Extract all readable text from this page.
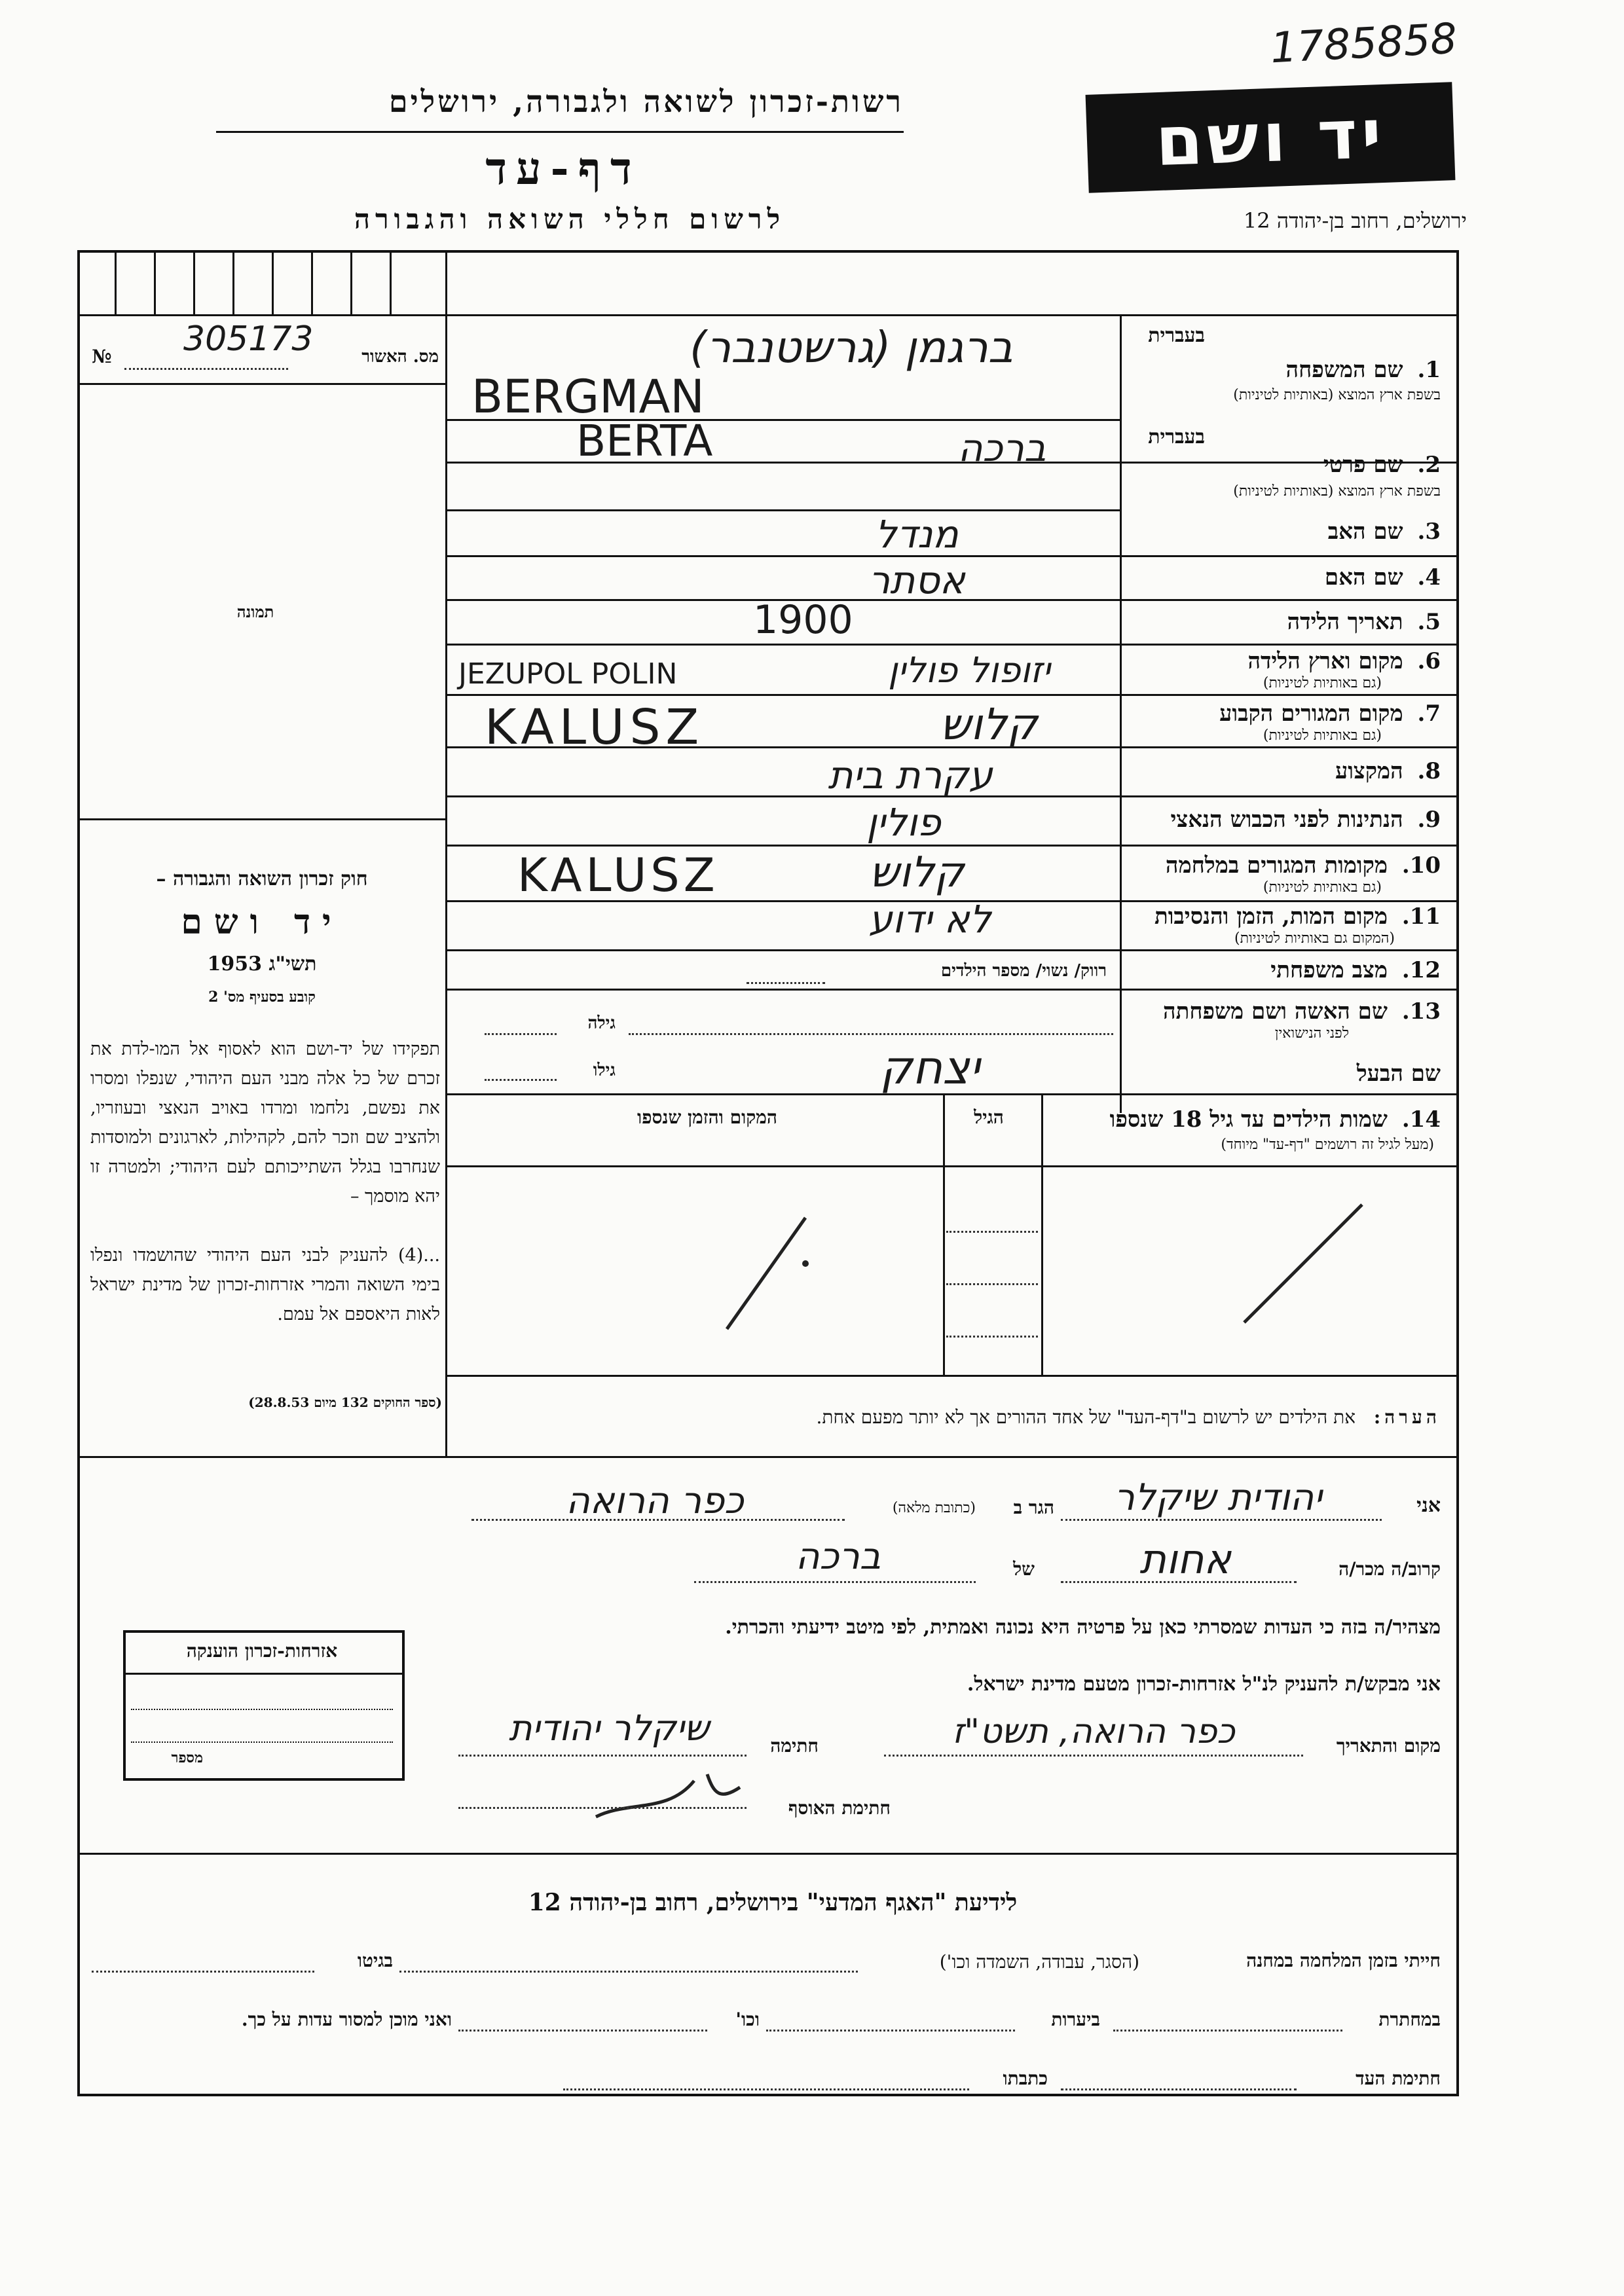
1785858
רשות-זכרון לשואה ולגבורה, ירושלים
דף-עד
לרשום חללי השואה והגבורה
יד ושם
ירושלים, רחוב בן-יהודה 12
מס. האשור
№ 305173
תמונה
חוק זכרון השואה והגבורה –
יד ושם
תשי"ג 1953
קובע בסעיף מס' 2
תפקידו של יד-ושם הוא לאסוף אל המו-לדת את זכרם של כל אלה מבני העם היהודי, שנפלו ומסרו את נפשם, נלחמו ומרדו באויב הנאצי ובעוזריו, ולהציב שם וזכר להם, לקהילות, לארגונים ולמוסדות שנחרבו בגלל השתייכותם לעם היהודי; ולמטרה זו יהא מוסמך –
...(4) להעניק לבני העם היהודי שהושמדו ונפלו בימי השואה והמרי אזרחות-זכרון של מדינת ישראל לאות היאספם אל עמם.
(ספר החוקים 132 מיום 28.8.53)
בעברית
1. שם המשפחה
בשפת ארץ המוצא (באותיות לטיניות)
ברגמן (גרשטנבר)
BERGMAN
בעברית
2. שם פרטי
בשפת ארץ המוצא (באותיות לטיניות)
ברכה
BERTA
3. שם האב
מנדל
4. שם האם
אסתר
5. תאריך הלידה
1900
6. מקום וארץ הלידה
(גם באותיות לטיניות)
יזופול פולין
JEZUPOL POLIN
7. מקום המגורים הקבוע
(גם באותיות לטיניות)
קלוש
KALUSZ
8. המקצוע
עקרת בית
9. הנתינות לפני הכבוש הנאצי
פולין
10. מקומות המגורים במלחמה
(גם באותיות לטיניות)
קלוש
KALUSZ
11. מקום המות, הזמן והנסיבות
(המקום גם באותיות לטיניות)
לא ידוע
12. מצב משפחתי
רווק/ נשוי/ מספר הילדים
13. שם האשה ושם משפחתה
לפני הנישואין
גילה
שם הבעל
יצחק
גילו
14. שמות הילדים עד גיל 18 שנספו
(מעל לגיל זה רושמים "דף-עד" מיוחד)
הגיל
המקום והזמן שנספו
הערה:
את הילדים יש לרשום ב"דף-העד" של אחד ההורים אך לא יותר מפעם אחת.
אני
יהודית שיקלר
הגר ב
(כתובת מלאה)
כפר הרואה
קרוב/ה מכר/ה
אחות
של
ברכה
מצהיר/ה בזה כי העדות שמסרתי כאן על פרטיה היא נכונה ואמתית, לפי מיטב ידיעתי והכרתי.
אני מבקש/ת להעניק לנ"ל אזרחות-זכרון מטעם מדינת ישראל.
מקום והתאריך
כפר הרואה, תשט"ז
חתימה
שיקלר יהודית
חתימת האוסף
אזרחות-זכרון הוענקה
מספר
לידיעת "האגף המדעי" בירושלים, רחוב בן-יהודה 12
חייתי בזמן המלחמה במחנה
(הסגר, עבודה, השמדה וכו')
בגיטו
במחתרת
ביערות
וכו'
ואני מוכן למסור עדות על כך.
חתימת העד
כתבתו
